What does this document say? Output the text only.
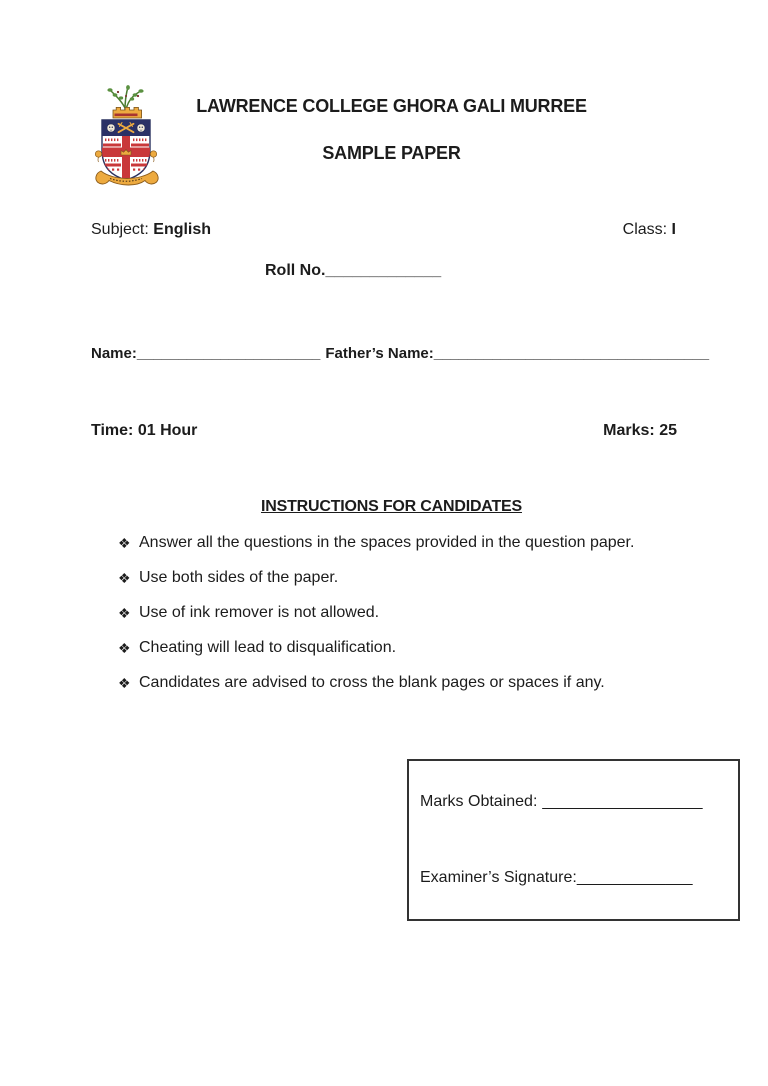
LAWRENCE COLLEGE GHORA GALI MURREE
SAMPLE PAPER
Subject: English	Class: I
Roll No._____________
Name:______________________ Father’s Name:_________________________________
Time: 01 Hour	Marks: 25
INSTRUCTIONS FOR CANDIDATES
❖ Answer all the questions in the spaces provided in the question paper.
❖ Use both sides of the paper.
❖ Use of ink remover is not allowed.
❖ Cheating will lead to disqualification.
❖ Candidates are advised to cross the blank pages or spaces if any.
Marks Obtained: __________________
Examiner’s Signature:_____________
